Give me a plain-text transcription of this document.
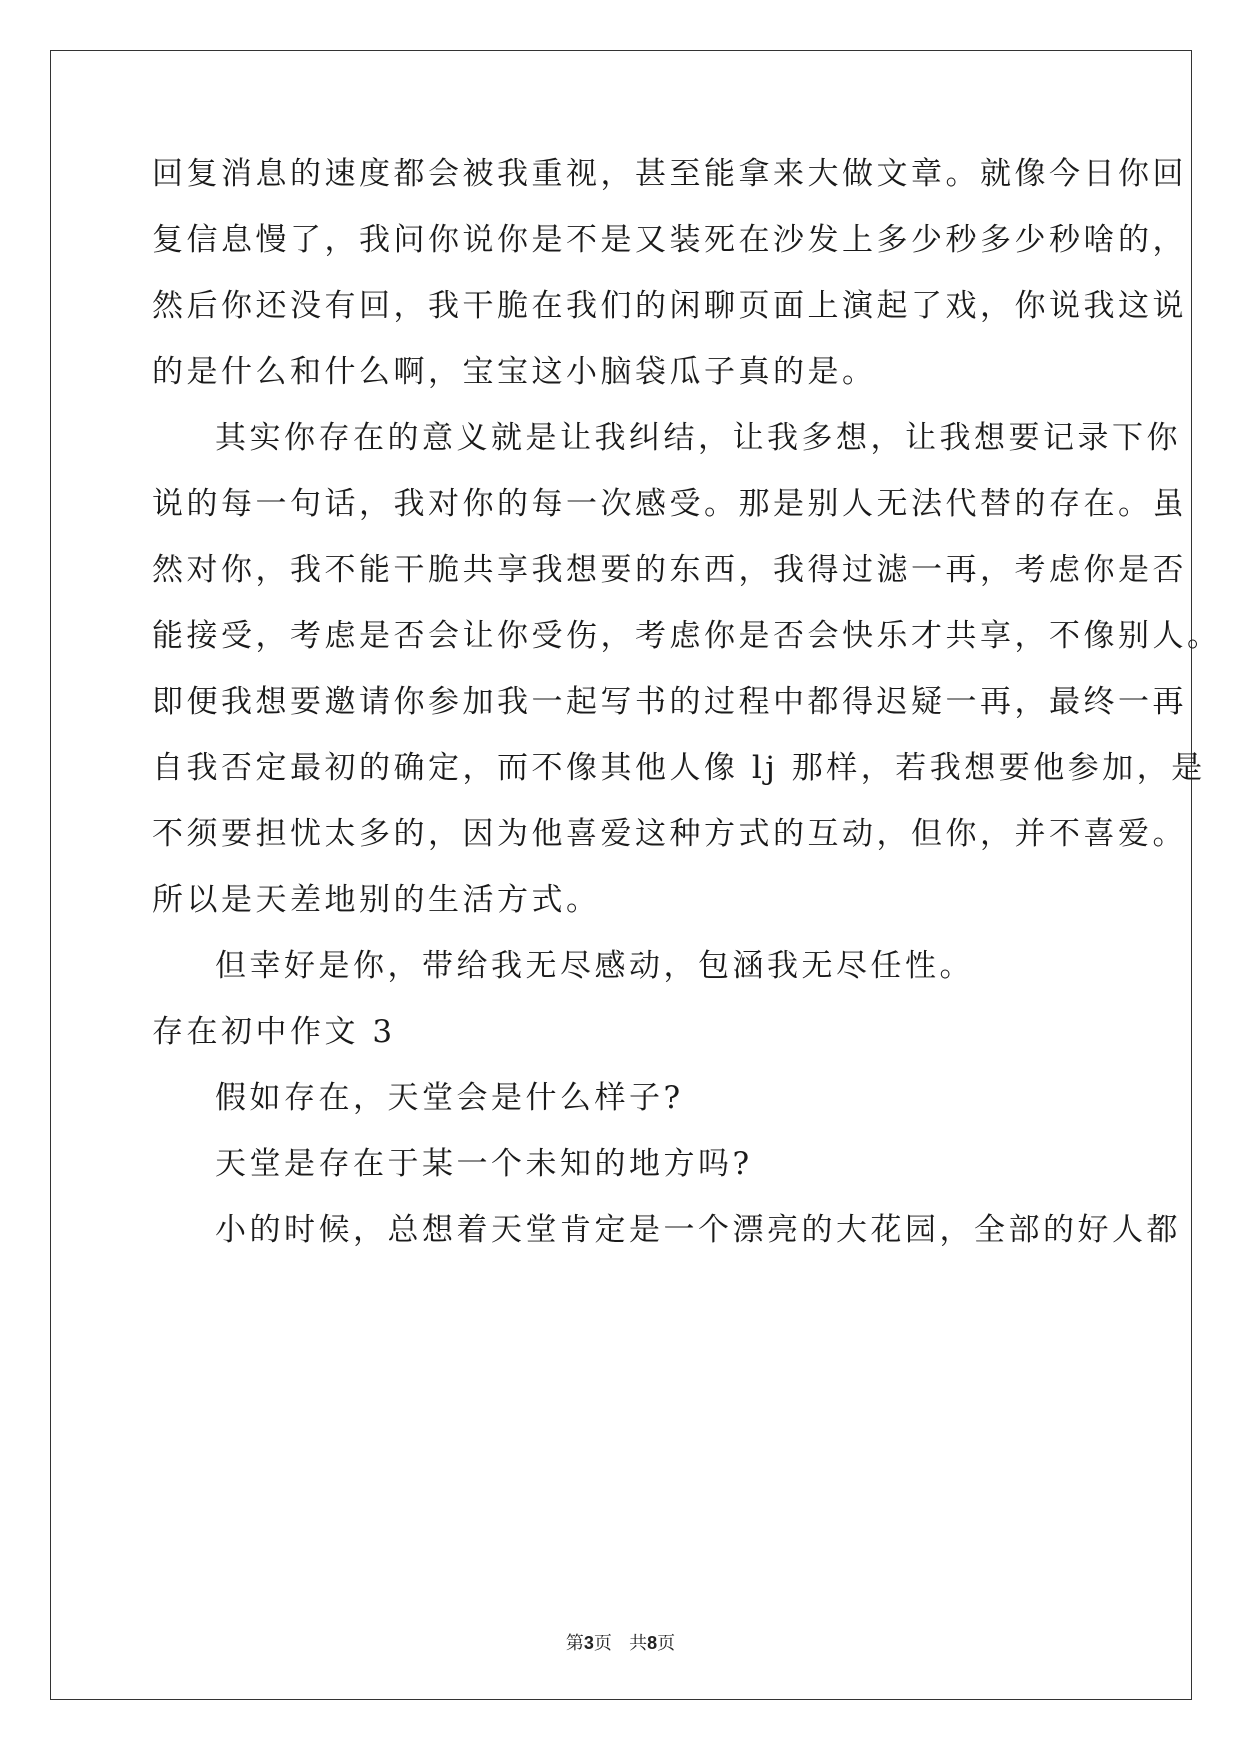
回复消息的速度都会被我重视，甚至能拿来大做文章。就像今日你回
复信息慢了，我问你说你是不是又装死在沙发上多少秒多少秒啥的，
然后你还没有回，我干脆在我们的闲聊页面上演起了戏，你说我这说
的是什么和什么啊，宝宝这小脑袋瓜子真的是。
其实你存在的意义就是让我纠结，让我多想，让我想要记录下你
说的每一句话，我对你的每一次感受。那是别人无法代替的存在。虽
然对你，我不能干脆共享我想要的东西，我得过滤一再，考虑你是否
能接受，考虑是否会让你受伤，考虑你是否会快乐才共享，不像别人。
即便我想要邀请你参加我一起写书的过程中都得迟疑一再，最终一再
自我否定最初的确定，而不像其他人像 lj 那样，若我想要他参加，是
不须要担忧太多的，因为他喜爱这种方式的互动，但你，并不喜爱。
所以是天差地别的生活方式。
但幸好是你，带给我无尽感动，包涵我无尽任性。
存在初中作文 3
假如存在，天堂会是什么样子?
天堂是存在于某一个未知的地方吗?
小的时候，总想着天堂肯定是一个漂亮的大花园，全部的好人都
第3页 共8页
